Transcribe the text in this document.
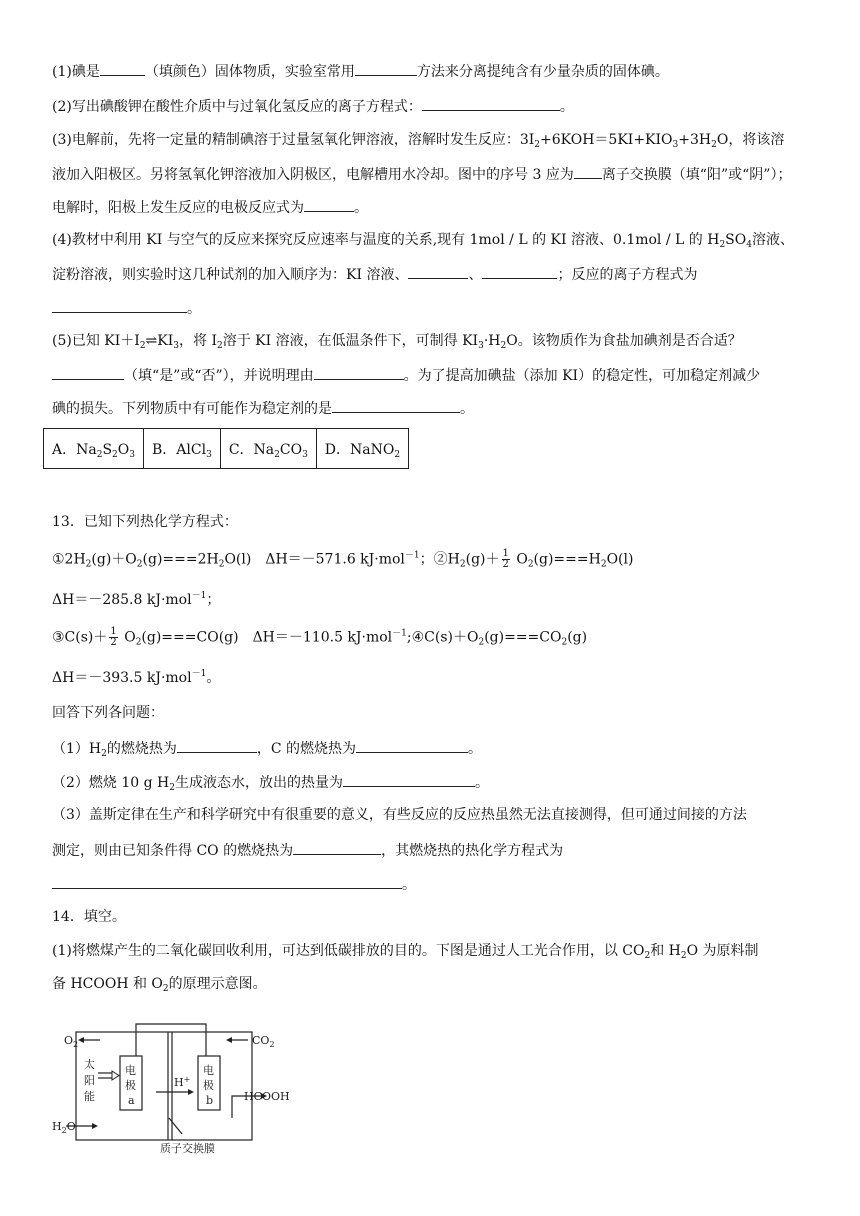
(1)碘是	（填颜色）固体物质，实验室常用	方法来分离提纯含有少量杂质的固体碘。
(2)写出碘酸钾在酸性介质中与过氧化氢反应的离子方程式：	。
(3)电解前，先将一定量的精制碘溶于过量氢氧化钾溶液，溶解时发生反应：$3I_2+6KOH=5KI+KIO_3+3H_2O$，将该溶
液加入阳极区。另将氢氧化钾溶液加入阴极区，电解槽用水冷却。图中的序号 3 应为 离子交换膜（填“阳”或“阴”）；
电解时，阳极上发生反应的电极反应式为	。
(4)教材中利用 KI 与空气的反应来探究反应速率与温度的关系,现有 1mol / L 的 KI 溶液、0.1mol / L 的 $H_2SO_4$溶液、
淀粉溶液，则实验时这几种试剂的加入顺序为：KI 溶液、	、	；反应的离子方程式为
。
(5)已知 $KI+I_2\rightleftharpoons KI_3$，将 $I_2$溶于 KI 溶液，在低温条件下，可制得 $KI_3\cdot H_2O$。该物质作为食盐加碘剂是否合适？
（填“是”或“否”），并说明理由	。为了提高加碘盐（添加 KI）的稳定性，可加稳定剂减少
碘的损失。下列物质中有可能作为稳定剂的是	。
A．$Na_2S_2O_3$	B．AlCl$_3$	C．$Na_2CO_3$	D．NaNO$_2$
13．已知下列热化学方程式：
$①2H_2(g)+O_2(g)===2H_2O(l)$　ΔH＝－571.6 kJ·mol$^{-1}$；$②H_2(g)+ \frac{1}{2} O_2(g)===H_2O(l)$
ΔH＝－285.8 kJ·mol$^{-1}$；
③C(s)＋ $\frac{1}{2} O_2(g)===CO(g)$　ΔH＝－110.5 $kJ\cdot mol^{-1};④C(s)+O_2(g)===CO_2(g)$
ΔH＝－393.5 kJ·mol$^{-1}$。
回答下列各问题：
$(1)H_2$的燃烧热为	，C 的燃烧热为	。
（2）燃烧 10 g $H_2$生成液态水，放出的热量为	。
（3）盖斯定律在生产和科学研究中有很重要的意义，有些反应的反应热虽然无法直接测得，但可通过间接的方法
测定，则由已知条件得 CO 的燃烧热为	，其燃烧热的热化学方程式为
。
14．填空。
(1)将燃煤产生的二氧化碳回收利用，可达到低碳排放的目的。下图是通过人工光合作用，以 $CO_2$和 $H_2O$ 为原料制
备 HCOOH 和 $O_2$的原理示意图。
$O_2$	$CO_2$
太
阳
能
电
极
a
电
极
b
H+
$H_2O$
HCOOH
质子交换膜
